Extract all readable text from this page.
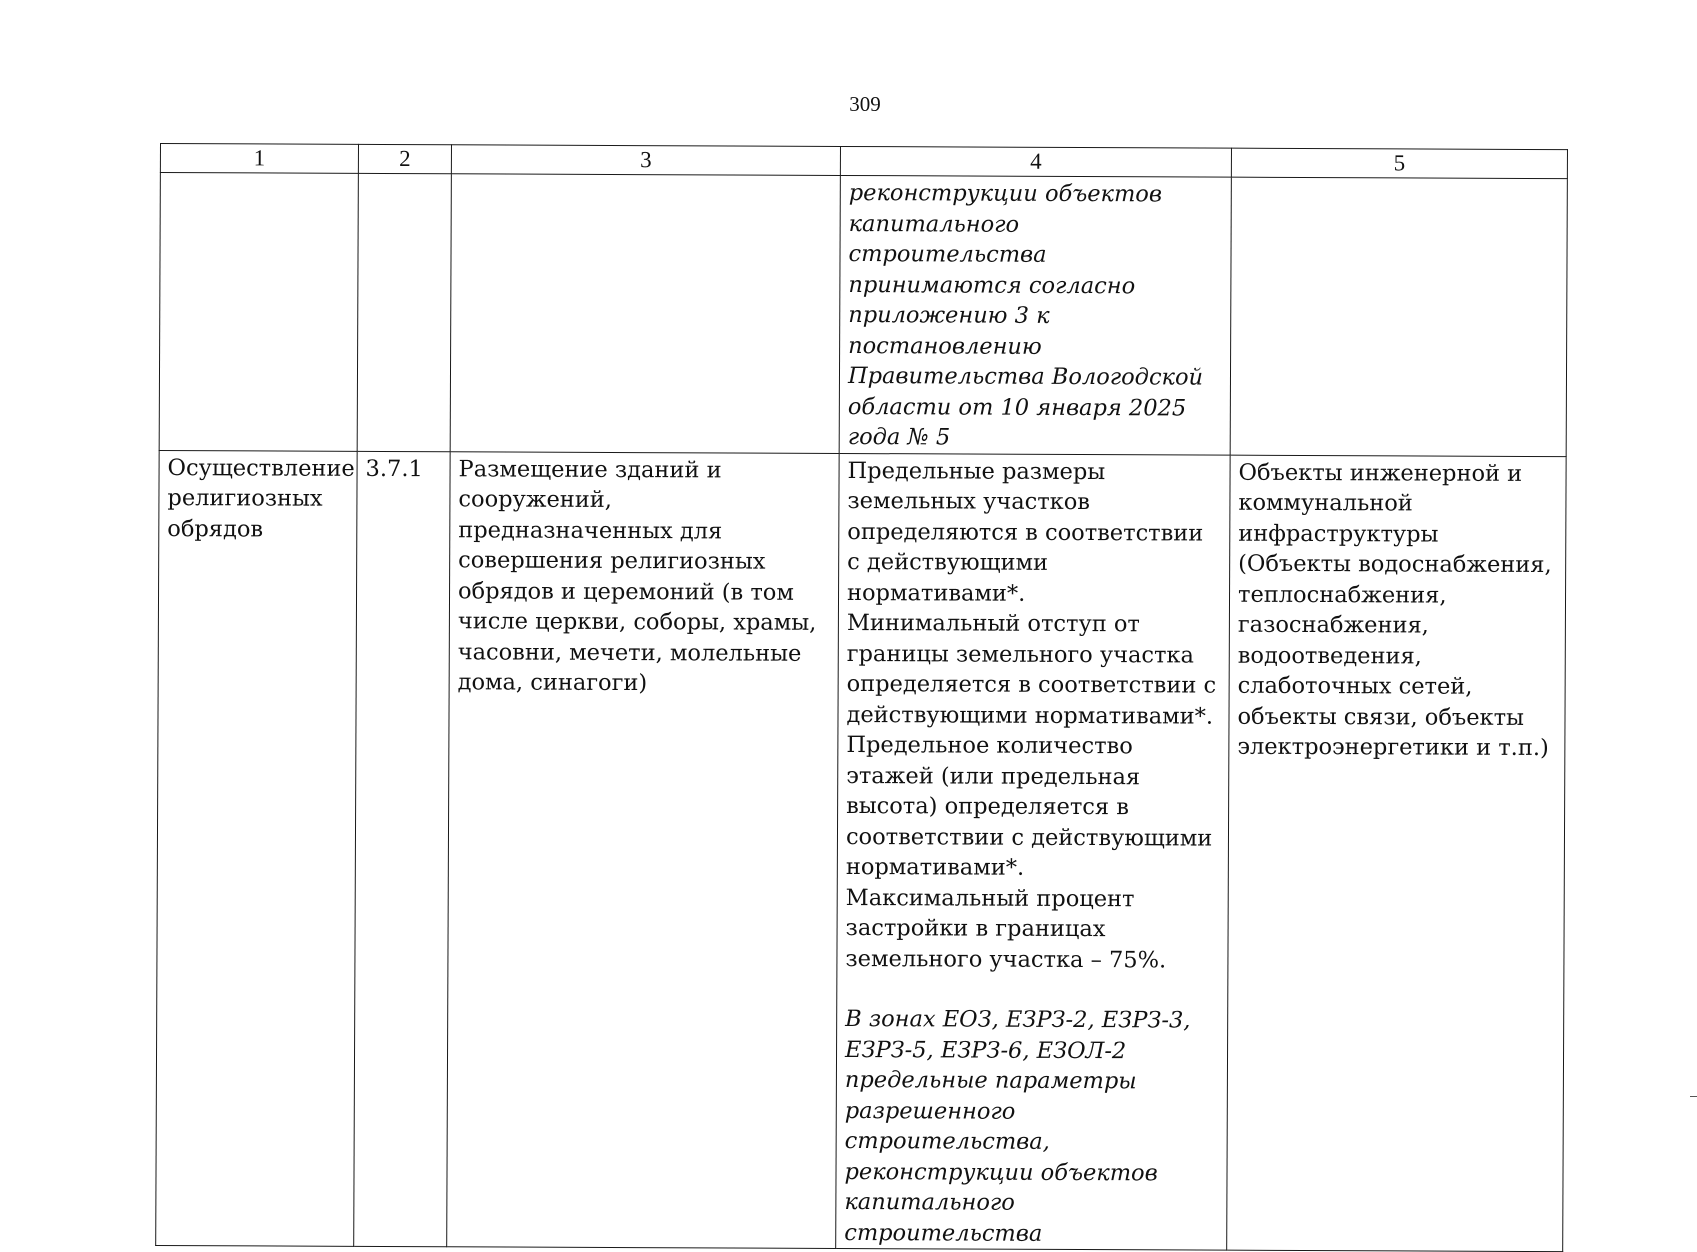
309
1	2	3	4	5
			реконструкции объектов капитального строительства принимаются согласно приложению 3 к постановлению Правительства Вологодской области от 10 января 2025 года № 5	
Осуществление религиозных обрядов	3.7.1	Размещение зданий и сооружений, предназначенных для совершения религиозных обрядов и церемоний (в том числе церкви, соборы, храмы, часовни, мечети, молельные дома, синагоги)	Предельные размеры земельных участков определяются в соответствии с действующими нормативами*.
Минимальный отступ от границы земельного участка определяется в соответствии с действующими нормативами*.
Предельное количество этажей (или предельная высота) определяется в соответствии с действующими нормативами*.
Максимальный процент застройки в границах земельного участка – 75%.
В зонах ЕОЗ, ЕЗРЗ-2, ЕЗРЗ-3, ЕЗРЗ-5, ЕЗРЗ-6, ЕЗОЛ-2 предельные параметры разрешенного строительства, реконструкции объектов капитального строительства	Объекты инженерной и коммунальной инфраструктуры (Объекты водоснабжения, теплоснабжения, газоснабжения, водоотведения, слаботочных сетей, объекты связи, объекты электроэнергетики и т.п.)
